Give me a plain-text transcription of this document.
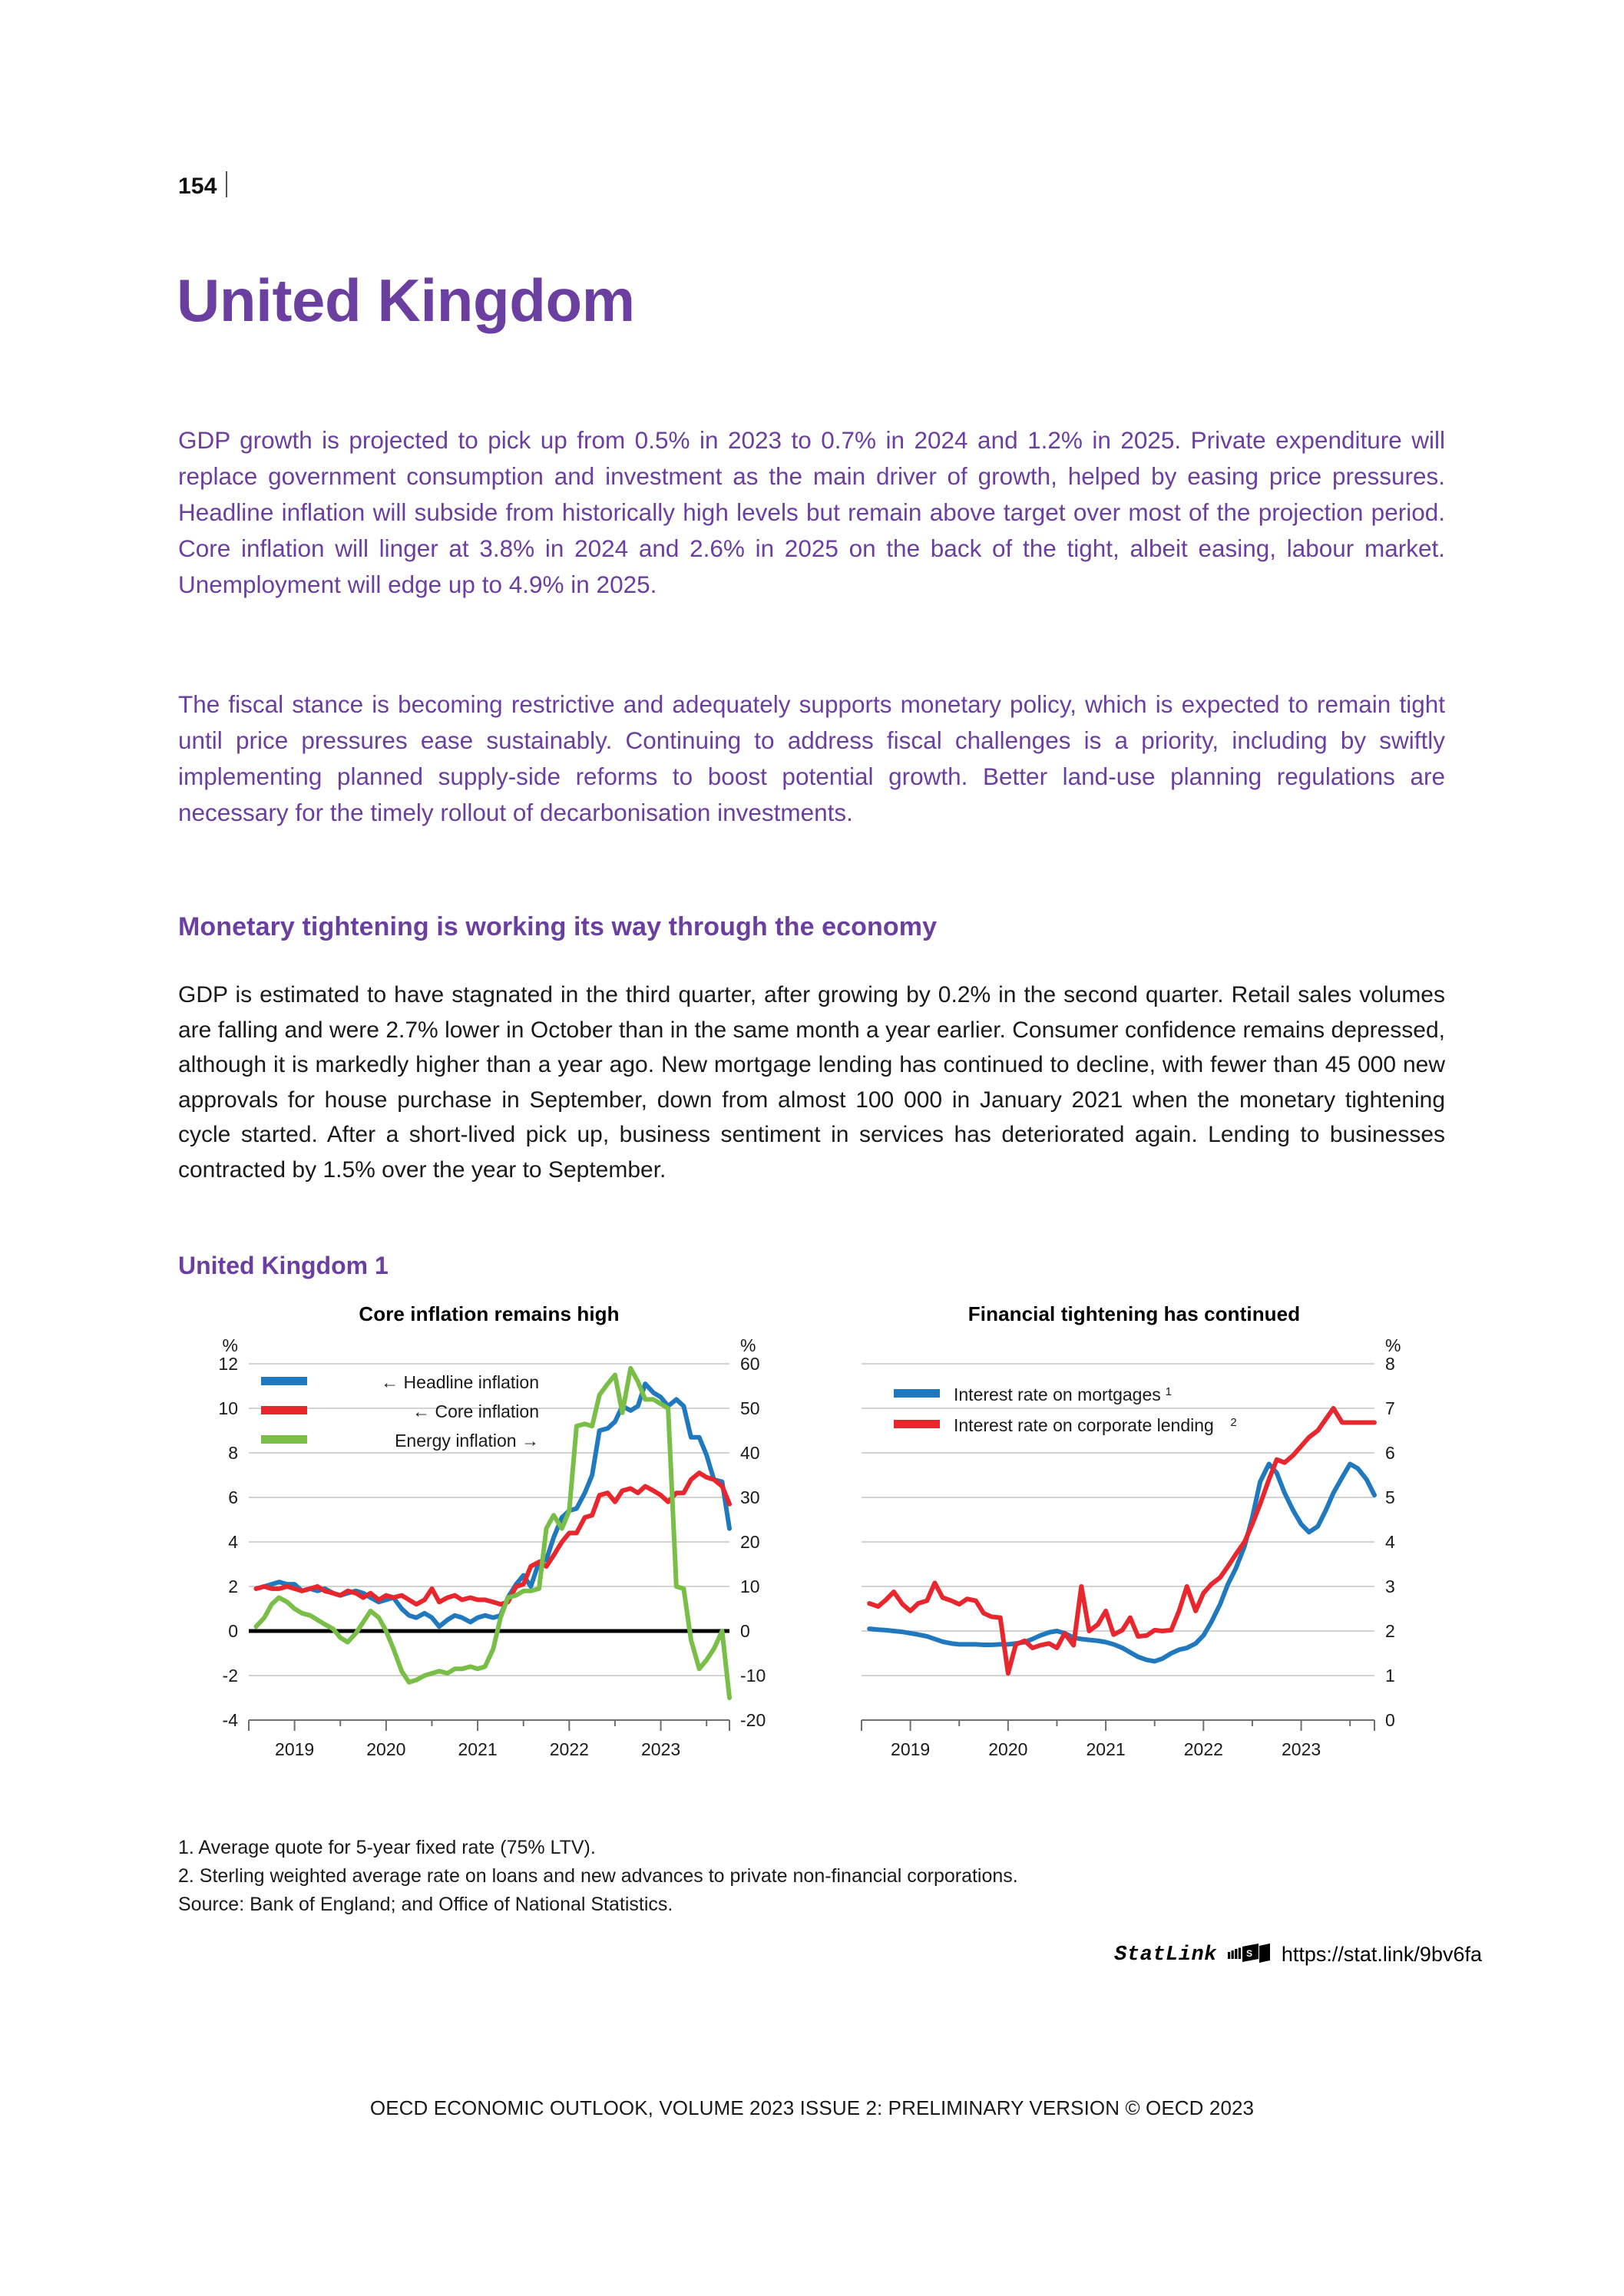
154
United Kingdom

GDP growth is projected to pick up from 0.5% in 2023 to 0.7% in 2024 and 1.2% in 2025. Private expenditure will replace government consumption and investment as the main driver of growth, helped by easing price pressures. Headline inflation will subside from historically high levels but remain above target over most of the projection period. Core inflation will linger at 3.8% in 2024 and 2.6% in 2025 on the back of the tight, albeit easing, labour market. Unemployment will edge up to 4.9% in 2025.

The fiscal stance is becoming restrictive and adequately supports monetary policy, which is expected to remain tight until price pressures ease sustainably. Continuing to address fiscal challenges is a priority, including by swiftly implementing planned supply-side reforms to boost potential growth. Better land-use planning regulations are necessary for the timely rollout of decarbonisation investments.

Monetary tightening is working its way through the economy

GDP is estimated to have stagnated in the third quarter, after growing by 0.2% in the second quarter. Retail sales volumes are falling and were 2.7% lower in October than in the same month a year earlier. Consumer confidence remains depressed, although it is markedly higher than a year ago. New mortgage lending has continued to decline, with fewer than 45 000 new approvals for house purchase in September, down from almost 100 000 in January 2021 when the monetary tightening cycle started. After a short-lived pick up, business sentiment in services has deteriorated again. Lending to businesses contracted by 1.5% over the year to September.

United Kingdom 1
Core inflation remains high
-4
-2
0
2
4
6
8
10
12
-20
-10
0
10
20
30
40
50
60
%	%
2019	2020	2021	2022	2023
← Headline inflation
← Core inflation
Energy inflation →
Financial tightening has continued
0
1
2
3
4
5
6
7
8
%
2019	2020	2021	2022	2023
Interest rate on mortgages 1
Interest rate on corporate lending 2
1. Average quote for 5-year fixed rate (75% LTV).
2. Sterling weighted average rate on loans and new advances to private non-financial corporations.
Source: Bank of England; and Office of National Statistics.
StatLink	S https://stat.link/9bv6fa
OECD ECONOMIC OUTLOOK, VOLUME 2023 ISSUE 2: PRELIMINARY VERSION © OECD 2023
